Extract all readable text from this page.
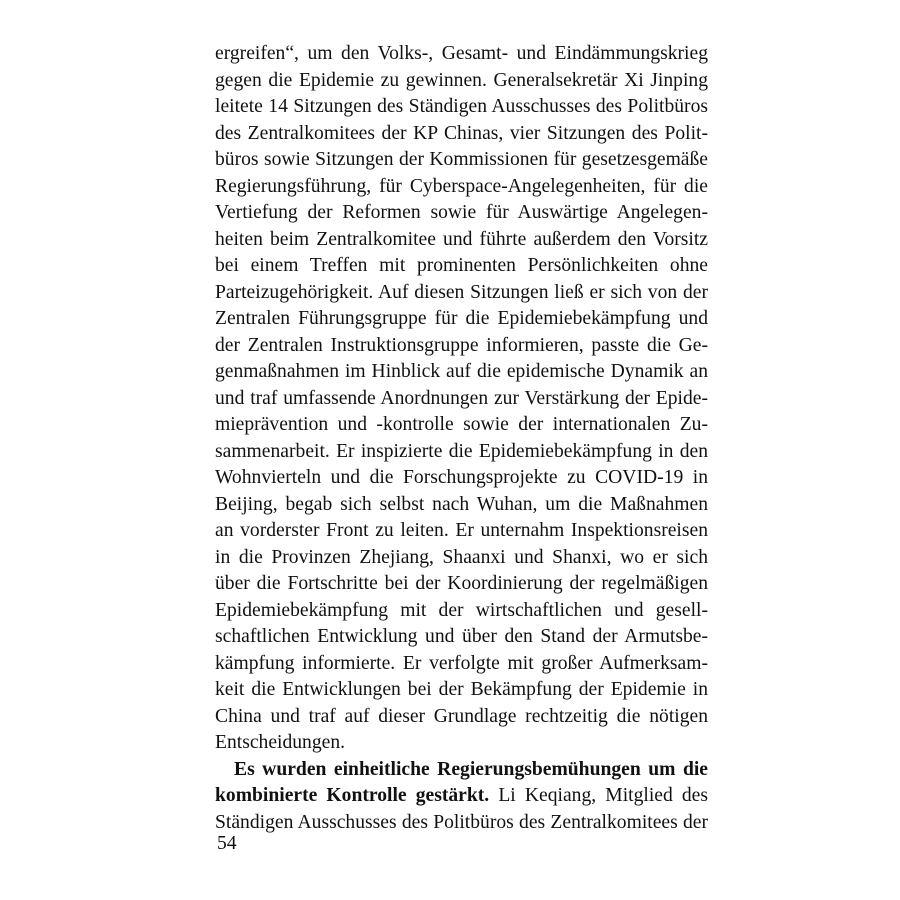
ergreifen“, um den Volks-, Gesamt- und Eindämmungskrieg
gegen die Epidemie zu gewinnen. Generalsekretär Xi Jinping
leitete 14 Sitzungen des Ständigen Ausschusses des Politbüros
des Zentralkomitees der KP Chinas, vier Sitzungen des Polit-
büros sowie Sitzungen der Kommissionen für gesetzesgemäße
Regierungsführung, für Cyberspace-Angelegenheiten, für die
Vertiefung der Reformen sowie für Auswärtige Angelegen-
heiten beim Zentralkomitee und führte außerdem den Vorsitz
bei einem Treffen mit prominenten Persönlichkeiten ohne
Parteizugehörigkeit. Auf diesen Sitzungen ließ er sich von der
Zentralen Führungsgruppe für die Epidemiebekämpfung und
der Zentralen Instruktionsgruppe informieren, passte die Ge-
genmaßnahmen im Hinblick auf die epidemische Dynamik an
und traf umfassende Anordnungen zur Verstärkung der Epide-
mieprävention und -kontrolle sowie der internationalen Zu-
sammenarbeit. Er inspizierte die Epidemiebekämpfung in den
Wohnvierteln und die Forschungsprojekte zu COVID-19 in
Beijing, begab sich selbst nach Wuhan, um die Maßnahmen
an vorderster Front zu leiten. Er unternahm Inspektionsreisen
in die Provinzen Zhejiang, Shaanxi und Shanxi, wo er sich
über die Fortschritte bei der Koordinierung der regelmäßigen
Epidemiebekämpfung mit der wirtschaftlichen und gesell-
schaftlichen Entwicklung und über den Stand der Armutsbe-
kämpfung informierte. Er verfolgte mit großer Aufmerksam-
keit die Entwicklungen bei der Bekämpfung der Epidemie in
China und traf auf dieser Grundlage rechtzeitig die nötigen
Entscheidungen.
Es wurden einheitliche Regierungsbemühungen um die
kombinierte Kontrolle gestärkt. Li Keqiang, Mitglied des
Ständigen Ausschusses des Politbüros des Zentralkomitees der
54
